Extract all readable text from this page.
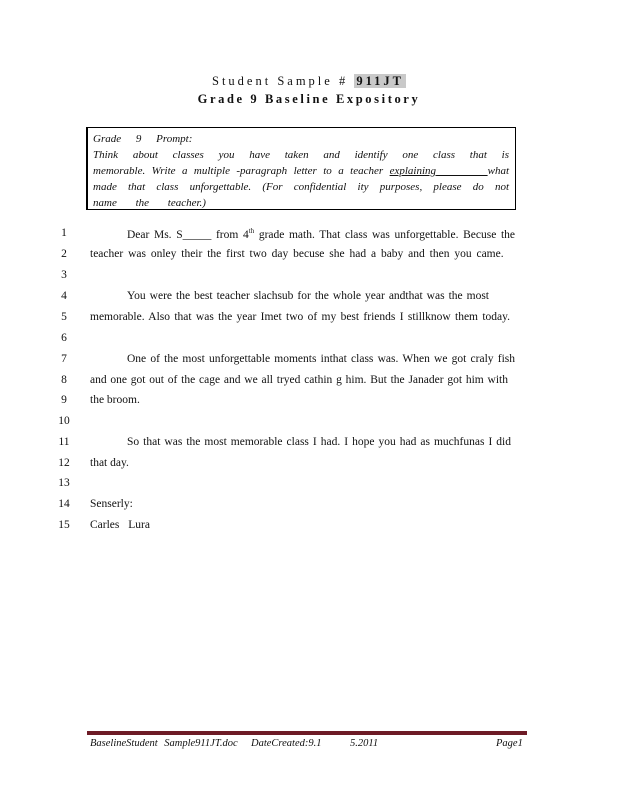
Student Sample # 911JT
Grade 9 Baseline Expository
Grade 9 Prompt:
Think about classes you have taken and identify one class that is
memorable. Write a multiple -paragraph letter to a teacher explaining	what
made that class unforgettable. (For confidential ity purposes, please do not
name the teacher.)
1
2
3
4
5
6
7
8
9
10
11
12
13
14
15
Dear Ms. S_____ from 4th grade math. That class was unforgettable. Becuse the
teacher was onley their the first two day becuse she had a baby and then you came.
You were the best teacher slachsub for the whole year andthat was the most
memorable. Also that was the year Imet two of my best friends I stillknow them today.
One of the most unforgettable moments inthat class was. When we got craly fish
and one got out of the cage and we all tryed cathin g him. But the Janader got him with
the broom.
So that was the most memorable class I had. I hope you had as muchfunas I did
that day.
Senserly:
Carles Lura
BaselineStudent Sample911JT.doc DateCreated:9.1	5.2011	Page1
